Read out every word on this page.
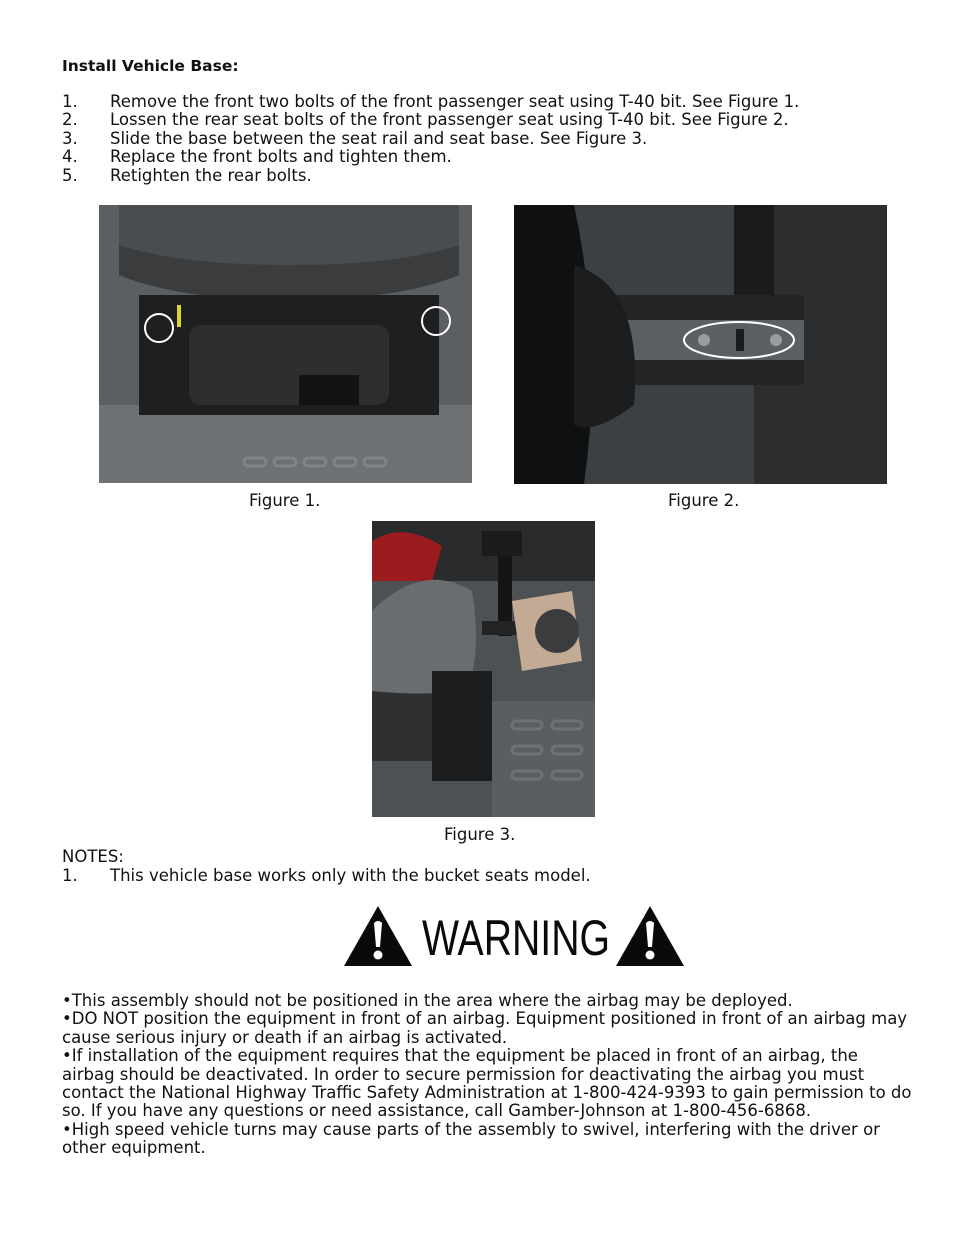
Install Vehicle Base:
1. Remove the front two bolts of the front passenger seat using T-40 bit. See Figure 1.
2. Lossen the rear seat bolts of the front passenger seat using T-40 bit. See Figure 2.
3. Slide the base between the seat rail and seat base. See Figure 3.
4. Replace the front bolts and tighten them.
5. Retighten the rear bolts.
Figure 1.	Figure 2.
Figure 3.
NOTES:
1. This vehicle base works only with the bucket seats model.
WARNING

•This assembly should not be positioned in the area where the airbag may be deployed.

•DO NOT position the equipment in front of an airbag. Equipment positioned in front of an airbag may cause serious injury or death if an airbag is activated.

•If installation of the equipment requires that the equipment be placed in front of an airbag, the airbag should be deactivated. In order to secure permission for deactivating the airbag you must contact the National Highway Traffic Safety Administration at 1-800-424-9393 to gain permission to do so. If you have any questions or need assistance, call Gamber-Johnson at 1-800-456-6868.

•High speed vehicle turns may cause parts of the assembly to swivel, interfering with the driver or other equipment.
